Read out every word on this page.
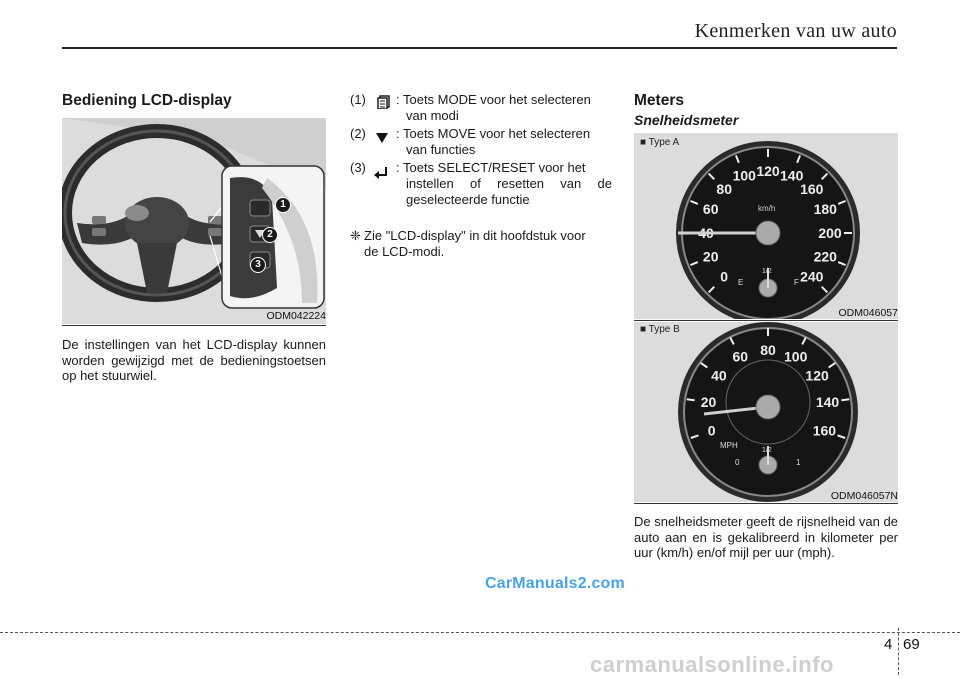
Kenmerken van uw auto
Bediening LCD-display
1
2
3
ODM042224
De instellingen van het LCD-display kunnen worden gewijzigd met de bedieningstoetsen op het stuurwiel.
(1) : Toets MODE voor het selecteren
van modi
(2) : Toets MOVE voor het selecteren
van functies
(3) : Toets SELECT/RESET voor het
instellen of resetten van de
geselecteerde functie
❈ Zie "LCD-display" in dit hoofdstuk voor
de LCD-modi.
Meters
Snelheidsmeter
0
20
40
60
80
100 120 140
160
180
200
220
240
E	F
1/2
km/h
■ Type A
ODM046057
0
20
40
60 80 100
120
140
160
0	1
1/2
MPH
■ Type B
ODM046057N
De snelheidsmeter geeft de rijsnelheid van de auto aan en is gekalibreerd in kilometer per uur (km/h) en/of mijl per uur (mph).
CarManuals2.com
4 69
carmanualsonline.info
